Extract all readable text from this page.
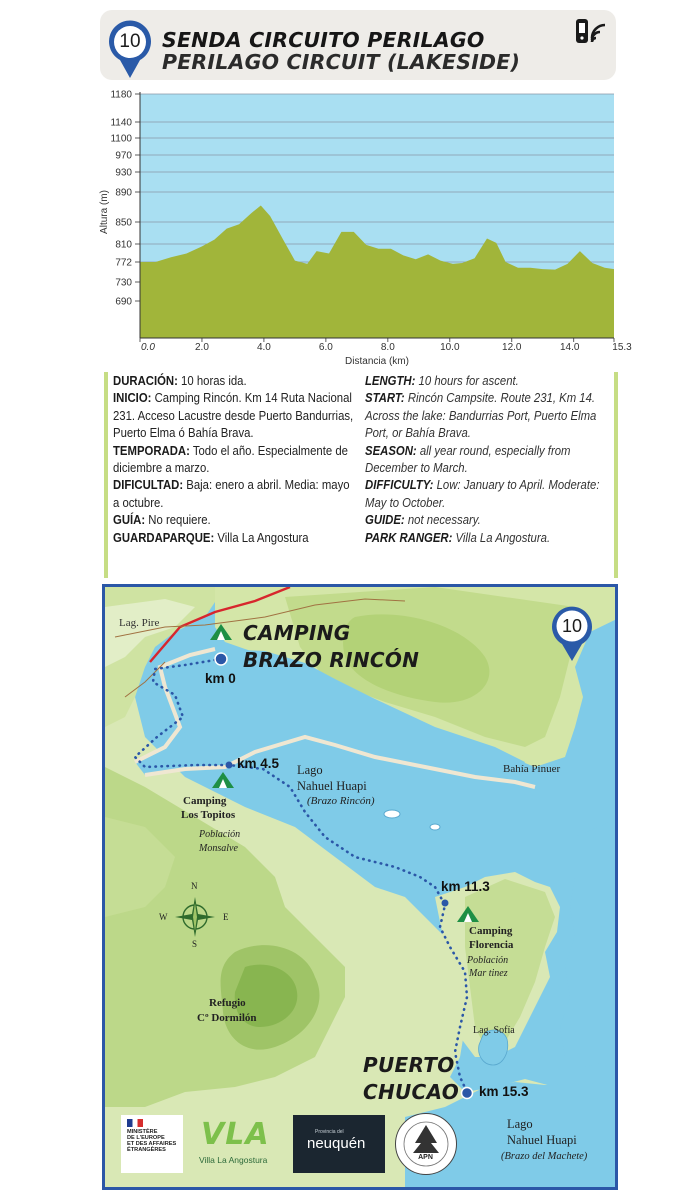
10 SENDA CIRCUITO PERILAGO
PERILAGO CIRCUIT (LAKESIDE)
690
730
772
810
850
890
930
970
1100
1140
1180
0.0	2.0	4.0	6.0	8.0	10.0	12.0	14.0	15.3
Distancia (km)
Altura (m)
DURACIÓN: 10 horas ida.
INICIO: Camping Rincón. Km 14 Ruta Nacional 231. Acceso Lacustre desde Puerto Bandurrias, Puerto Elma ó Bahía Brava.
TEMPORADA: Todo el año. Especialmente de diciembre a marzo.
DIFICULTAD: Baja: enero a abril. Media: mayo a octubre.
GUÍA: No requiere.
GUARDAPARQUE: Villa La Angostura
LENGTH: 10 hours for ascent.
START: Rincón Campsite. Route 231, Km 14. Across the lake: Bandurrias Port, Puerto Elma Port, or Bahía Brava.
SEASON: all year round, especially from December to March.
DIFFICULTY: Low: January to April. Moderate: May to October.
GUIDE: not necessary.
PARK RANGER: Villa La Angostura.
10
N
S
E
W
Lag. Pire	CAMPING
BRAZO RINCÓN
km 0
km 4.5
km 11.3
km 15.3
Lago
Nahuel Huapi
(Brazo Rincón)
Bahía Pinuer
Camping
Los Topitos
Población
Monsalve
Camping
Florencia
Población
Mar tinez
Refugio
Cº Dormilón
Lag. Sofía
PUERTO
CHUCAO
Lago
Nahuel Huapi
(Brazo del Machete)
MINISTÈRE
DE L'EUROPE
ET DES AFFAIRES
ÉTRANGÈRES VLA
Villa La Angostura
Provincia del
neuquén
APN
